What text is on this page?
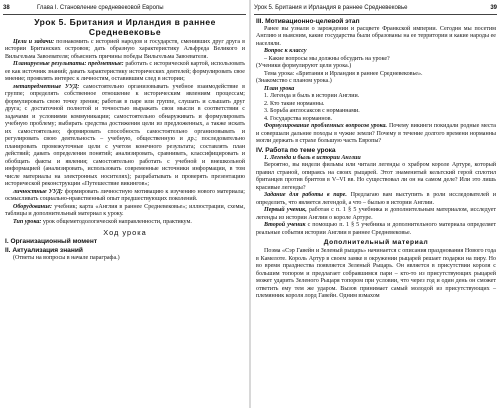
38	Глава I. Становление средневековой Европы
Урок 5. Британия и Ирландия в раннее Средневековье

Цели и задачи: познакомить с историей народов и государств, сменивших друг друга в истории Британских островов; дать образную характеристику Альфреда Великого и Вильгельма Завоевателя; объяснить причины победы Вильгельма Завоевателя.

Планируемые результаты: предметные: работать с исторической картой, использовать ее как источник знаний; давать характеристику исторических деятелей; формулировать свое мнение; проявлять интерес к личностям, оставившим след в истории;

метапредметные УУД: самостоятельно организовывать учебное взаимодействие в группе; определять собственное отношение к историческим явлениям процессам; формулировать свою точку зрения; работая в паре или группе, слушать и слышать друг друга; с достаточной полнотой и точностью выражать свои мысли в соответствии с задачами и условиями коммуникации; самостоятельно обнаруживать и формулировать учебную проблему; выбирать средства достижения цели из предложенных, а также искать их самостоятельно; формировать способность самостоятельно организовывать и регулировать свою деятельность – учебную, общественную и др.; последовательно планировать промежуточные цели с учетом конечного результата; составлять план действий; давать определения понятий; анализировать, сравнивать, классифицировать и обобщать факты и явления; самостоятельно работать с учебной и внешкольной информацией (анализировать, использовать современные источники информации, в том числе материалы на электронных носителях); разрабатывать и проверять презентацию исторической реконструкции «Путешествие викингов»;

личностные УУД: формировать личностную мотивацию к изучению нового материала; осмысливать социально-нравственный опыт предшествующих поколений.

Оборудование: учебник; карта «Англия в раннее Средневековье»; иллюстрации, схемы, таблицы и дополнительный материал к уроку.

Тип урока: урок общеметодологической направленности, практикум.

Ход урока
I. Организационный момент
II. Актуализация знаний

(Ответы на вопросы в начале параграфа.)

Урок 5. Британия и Ирландия в раннее Средневековье	39
III. Мотивационно-целевой этап

Ранее вы узнали о зарождении и расцвете Франкской империи. Сегодня мы посетим Англию и выясним, какие государства были образованы на ее территории и какие народы ее населяли.

Вопрос к классу

– Какие вопросы мы должны обсудить на уроке?

(Ученики формулируют цели урока.)

Тема урока: «Британия и Ирландия в раннее Средневековье».

(Знакомство с планом урока.)

План урока

1. Легенда и быль в истории Англии.
2. Кто такие норманны.
3. Борьба англосаксов с норманнами.
4. Государства норманнов.

Формулирование проблемных вопросов урока. Почему викинги покидали родные места и совершали дальние походы в чужие земли? Почему в течение долгого времени норманны могли держать в страхе большую часть Европы?

IV. Работа по теме урока

1. Легенда и быль в истории Англии

Вероятно, вы видели фильмы или читали легенды о храбром короле Артуре, который правил страной, опираясь на своих рыцарей. Этот знаменитый кельтский герой сплотил британцев против бриттов в V–VI вв. Но существовал ли он на самом деле? Или это лишь красивые легенды?

Задание для работы в паре. Предлагаю вам выступить в роли исследователей и определить, что является легендой, а что – былью в истории Англии.

Первый ученик, работая с п. 1 § 5 учебника и дополнительным материалом, исследует легенды из истории Англии о короле Артуре.

Второй ученик с помощью п. 1 § 5 учебника и дополнительного материала определяет реальные события истории Англии в раннее Средневековье.

Дополнительный материал

Поэма «Сэр Гавейн и Зеленый рыцарь» начинается с описания празднования Нового года в Камелоте. Король Артур в своем замке в окружении рыцарей решает подарки на пиру. Но во время празднества появляется Зеленый Рыцарь. Он является в присутствии короля с большим топором и предлагает собравшимся пари – кто-то из присутствующих рыцарей может ударить Зеленого Рыцаря топором при условии, что через год и один день он сможет ответить ему тем же ударом. Вызов принимает самый молодой из присутствующих – племянник короля лорд Гавейн. Одним взмахом
